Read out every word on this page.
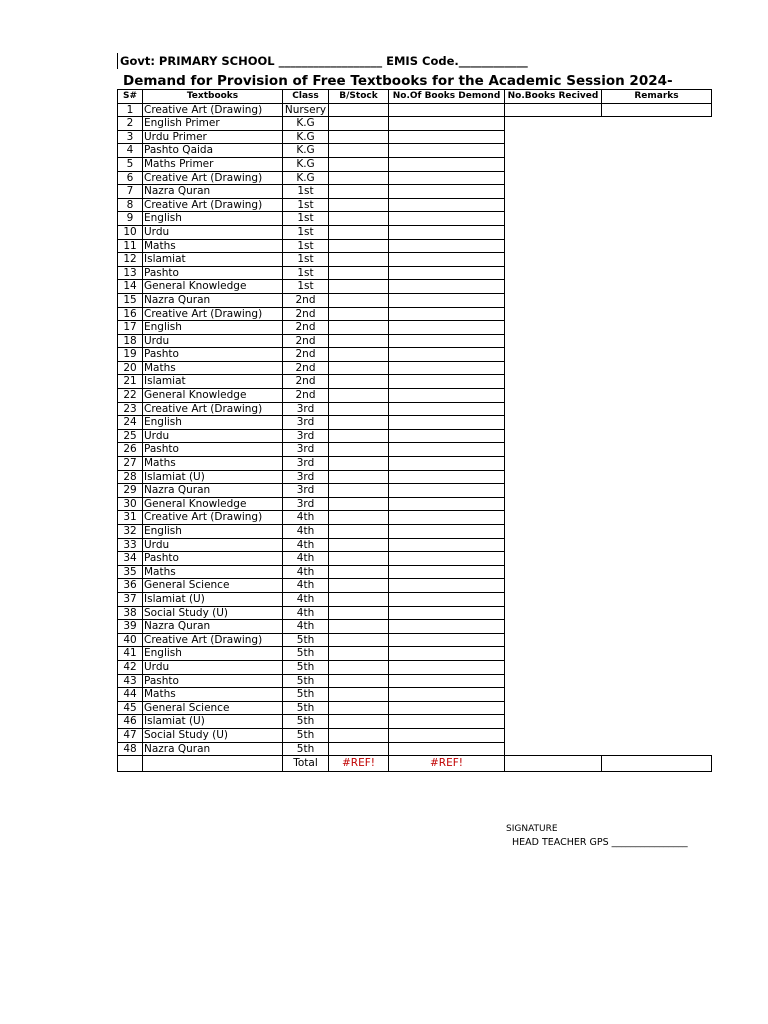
Govt: PRIMARY SCHOOL __________________ EMIS Code.____________
Demand for Provision of Free Textbooks for the Academic Session 2024-
S#	Textbooks	Class	B/Stock	No.Of Books Demond	No.Books Recived	Remarks
1	Creative Art (Drawing)	Nursery				
2	English Primer	K.G				
3	Urdu Primer	K.G				
4	Pashto Qaida	K.G				
5	Maths Primer	K.G				
6	Creative Art (Drawing)	K.G				
7	Nazra Quran	1st				
8	Creative Art (Drawing)	1st				
9	English	1st				
10	Urdu	1st				
11	Maths	1st				
12	Islamiat	1st				
13	Pashto	1st				
14	General Knowledge	1st				
15	Nazra Quran	2nd				
16	Creative Art (Drawing)	2nd				
17	English	2nd				
18	Urdu	2nd				
19	Pashto	2nd				
20	Maths	2nd				
21	Islamiat	2nd				
22	General Knowledge	2nd				
23	Creative Art (Drawing)	3rd				
24	English	3rd				
25	Urdu	3rd				
26	Pashto	3rd				
27	Maths	3rd				
28	Islamiat (U)	3rd				
29	Nazra Quran	3rd				
30	General Knowledge	3rd				
31	Creative Art (Drawing)	4th				
32	English	4th				
33	Urdu	4th				
34	Pashto	4th				
35	Maths	4th				
36	General Science	4th				
37	Islamiat (U)	4th				
38	Social Study (U)	4th				
39	Nazra Quran	4th				
40	Creative Art (Drawing)	5th				
41	English	5th				
42	Urdu	5th				
43	Pashto	5th				
44	Maths	5th				
45	General Science	5th				
46	Islamiat (U)	5th				
47	Social Study (U)	5th				
48	Nazra Quran	5th				
		Total	#REF!	#REF!		
SIGNATURE
HEAD TEACHER GPS ________________
